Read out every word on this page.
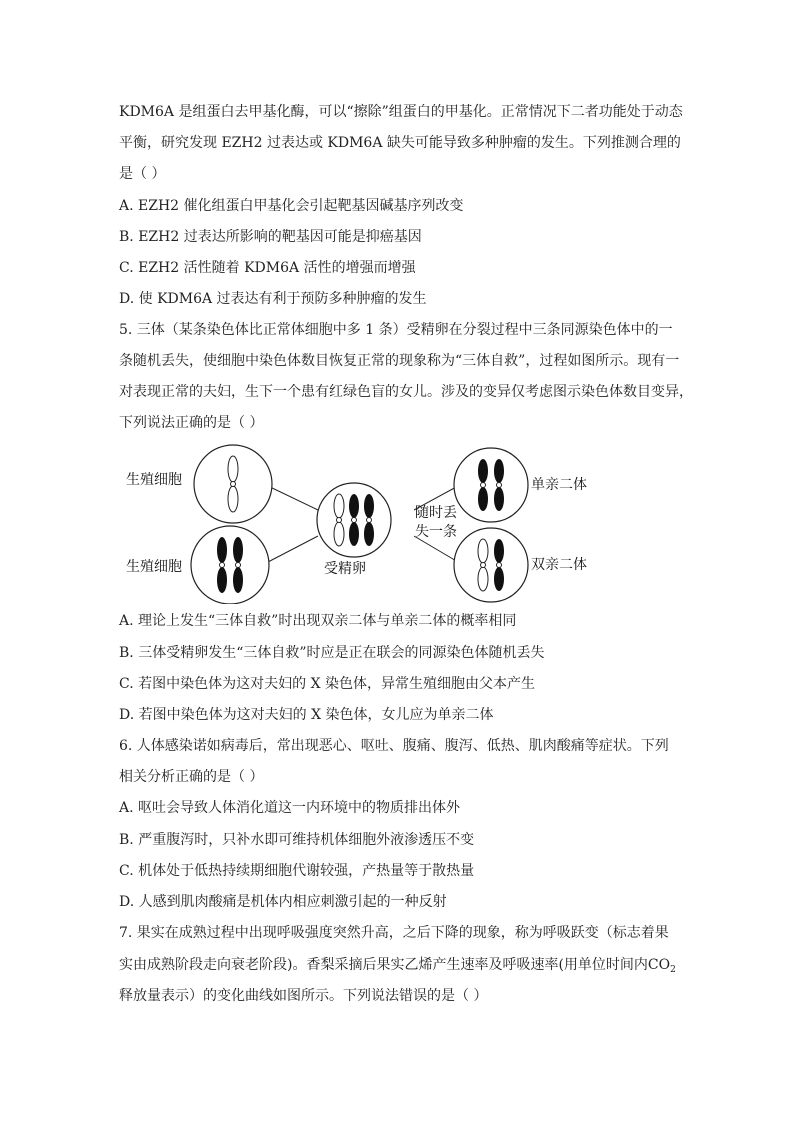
KDM6A 是组蛋白去甲基化酶，可以“擦除”组蛋白的甲基化。正常情况下二者功能处于动态
平衡，研究发现 EZH2 过表达或 KDM6A 缺失可能导致多种肿瘤的发生。下列推测合理的
是（ ）
A. EZH2 催化组蛋白甲基化会引起靶基因碱基序列改变
B. EZH2 过表达所影响的靶基因可能是抑癌基因
C. EZH2 活性随着 KDM6A 活性的增强而增强
D. 使 KDM6A 过表达有利于预防多种肿瘤的发生
5. 三体（某条染色体比正常体细胞中多 1 条）受精卵在分裂过程中三条同源染色体中的一
条随机丢失，使细胞中染色体数目恢复正常的现象称为“三体自救”，过程如图所示。现有一
对表现正常的夫妇，生下一个患有红绿色盲的女儿。涉及的变异仅考虑图示染色体数目变异，
下列说法正确的是（ ）
生殖细胞
生殖细胞	受精卵
随时丢
失一条
单亲二体
双亲二体
A. 理论上发生“三体自救”时出现双亲二体与单亲二体的概率相同
B. 三体受精卵发生“三体自救”时应是正在联会的同源染色体随机丢失
C. 若图中染色体为这对夫妇的 X 染色体，异常生殖细胞由父本产生
D. 若图中染色体为这对夫妇的 X 染色体，女儿应为单亲二体
6. 人体感染诺如病毒后，常出现恶心、呕吐、腹痛、腹泻、低热、肌肉酸痛等症状。下列
相关分析正确的是（ ）
A. 呕吐会导致人体消化道这一内环境中的物质排出体外
B. 严重腹泻时，只补水即可维持机体细胞外液渗透压不变
C. 机体处于低热持续期细胞代谢较强，产热量等于散热量
D. 人感到肌肉酸痛是机体内相应刺激引起的一种反射
7. 果实在成熟过程中出现呼吸强度突然升高，之后下降的现象，称为呼吸跃变（标志着果
实由成熟阶段走向衰老阶段)。香梨采摘后果实乙烯产生速率及呼吸速率(用单位时间内$CO_2$
释放量表示）的变化曲线如图所示。下列说法错误的是（ ）
